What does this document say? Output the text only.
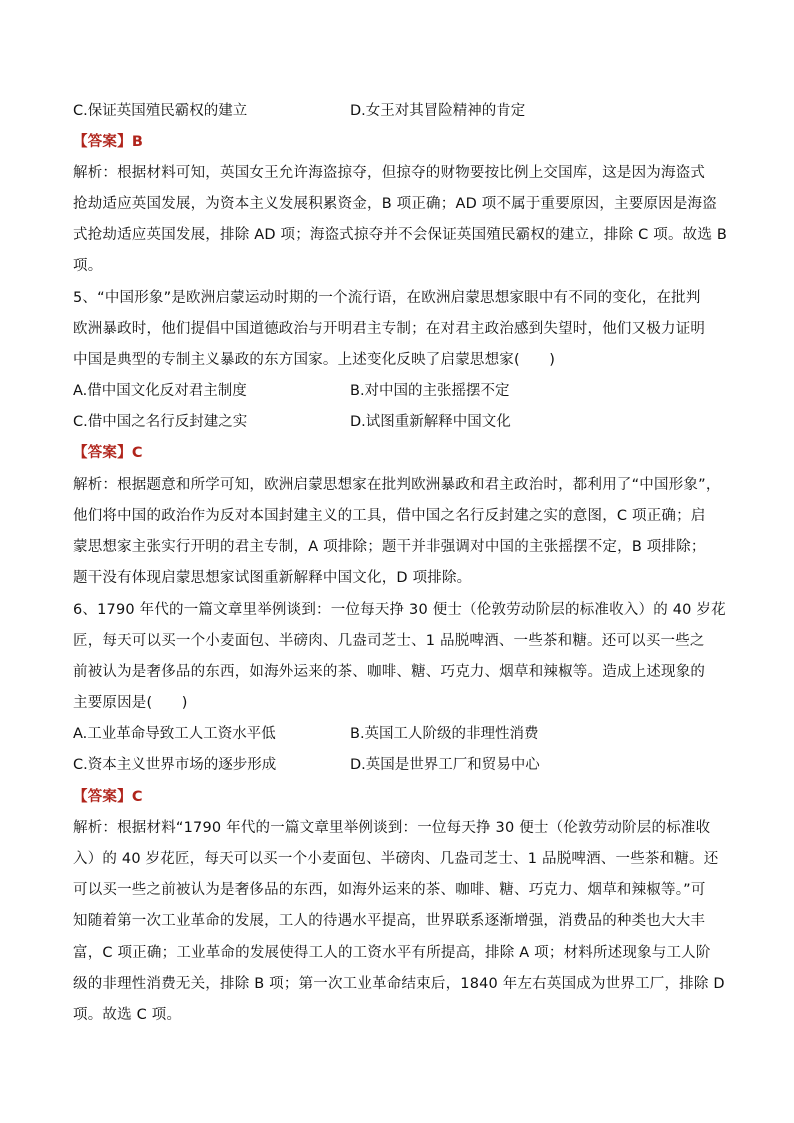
C.保证英国殖民霸权的建立	D.女王对其冒险精神的肯定
【答案】B
解析：根据材料可知，英国女王允许海盗掠夺，但掠夺的财物要按比例上交国库，这是因为海盗式
抢劫适应英国发展，为资本主义发展积累资金，B 项正确；AD 项不属于重要原因，主要原因是海盗
式抢劫适应英国发展，排除 AD 项；海盗式掠夺并不会保证英国殖民霸权的建立，排除 C 项。故选 B
项。
5、“中国形象”是欧洲启蒙运动时期的一个流行语，在欧洲启蒙思想家眼中有不同的变化，在批判
欧洲暴政时，他们提倡中国道德政治与开明君主专制；在对君主政治感到失望时，他们又极力证明
中国是典型的专制主义暴政的东方国家。上述变化反映了启蒙思想家(　　)
A.借中国文化反对君主制度	B.对中国的主张摇摆不定
C.借中国之名行反封建之实	D.试图重新解释中国文化
【答案】C
解析：根据题意和所学可知，欧洲启蒙思想家在批判欧洲暴政和君主政治时，都利用了“中国形象”，
他们将中国的政治作为反对本国封建主义的工具，借中国之名行反封建之实的意图，C 项正确；启
蒙思想家主张实行开明的君主专制，A 项排除；题干并非强调对中国的主张摇摆不定，B 项排除；
题干没有体现启蒙思想家试图重新解释中国文化，D 项排除。
6、1790 年代的一篇文章里举例谈到：一位每天挣 30 便士（伦敦劳动阶层的标准收入）的 40 岁花
匠，每天可以买一个小麦面包、半磅肉、几盎司芝士、1 品脱啤酒、一些茶和糖。还可以买一些之
前被认为是奢侈品的东西，如海外运来的茶、咖啡、糖、巧克力、烟草和辣椒等。造成上述现象的
主要原因是(　　)
A.工业革命导致工人工资水平低	B.英国工人阶级的非理性消费
C.资本主义世界市场的逐步形成	D.英国是世界工厂和贸易中心
【答案】C
解析：根据材料“1790 年代的一篇文章里举例谈到：一位每天挣 30 便士（伦敦劳动阶层的标准收
入）的 40 岁花匠，每天可以买一个小麦面包、半磅肉、几盎司芝士、1 品脱啤酒、一些茶和糖。还
可以买一些之前被认为是奢侈品的东西，如海外运来的茶、咖啡、糖、巧克力、烟草和辣椒等。”可
知随着第一次工业革命的发展，工人的待遇水平提高，世界联系逐渐增强，消费品的种类也大大丰
富，C 项正确；工业革命的发展使得工人的工资水平有所提高，排除 A 项；材料所述现象与工人阶
级的非理性消费无关，排除 B 项；第一次工业革命结束后，1840 年左右英国成为世界工厂，排除 D
项。故选 C 项。
